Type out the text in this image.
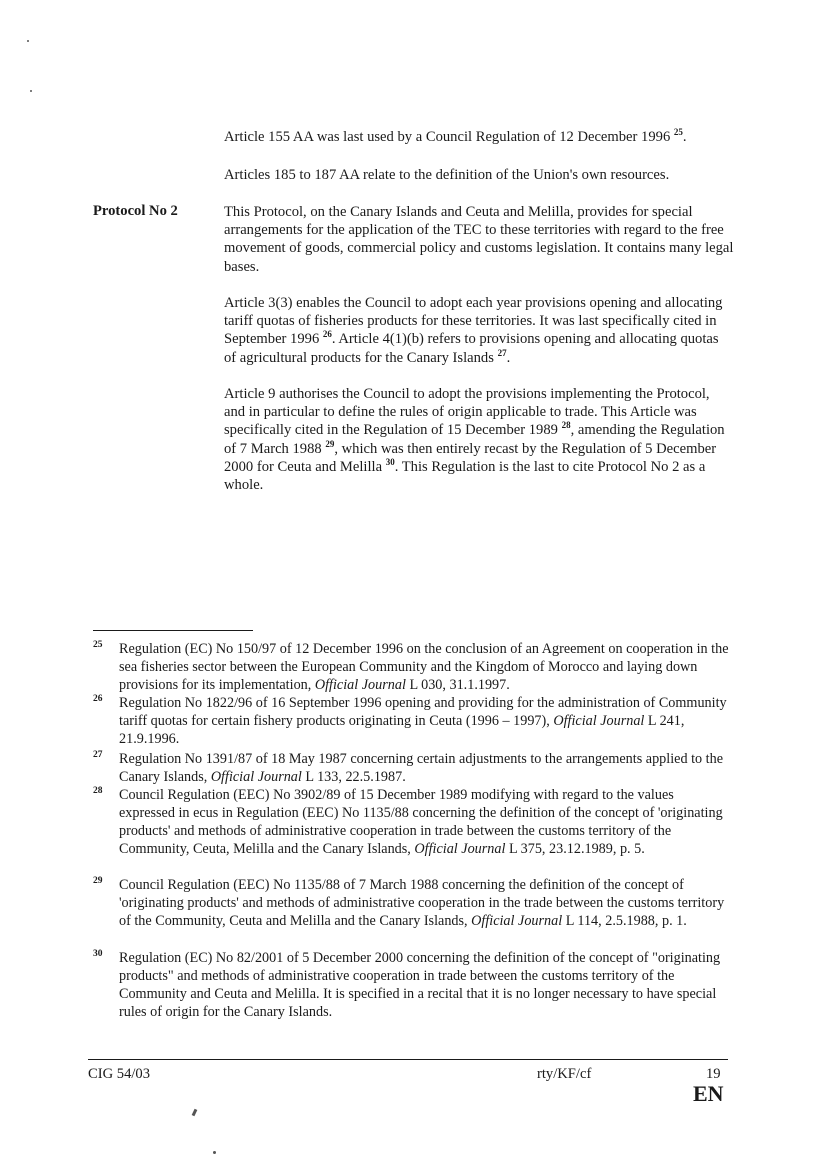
Article 155 AA was last used by a Council Regulation of 12 December 1996 $^{25}$.

Articles 185 to 187 AA relate to the definition of the Union's own resources.

Protocol No 2	This Protocol, on the Canary Islands and Ceuta and Melilla, provides for special arrangements for the application of the TEC to these territories with regard to the free movement of goods, commercial policy and customs legislation. It contains many legal bases.

Article 3(3) enables the Council to adopt each year provisions opening and allocating tariff quotas of fisheries products for these territories. It was last specifically cited in September 1996 $^{26}$. Article 4(1)(b) refers to provisions opening and allocating quotas of agricultural products for the Canary Islands $^{27}$.

Article 9 authorises the Council to adopt the provisions implementing the Protocol, and in particular to define the rules of origin applicable to trade. This Article was specifically cited in the Regulation of 15 December 1989 $^{28}$, amending the Regulation of 7 March 1988 $^{29}$, which was then entirely recast by the Regulation of 5 December 2000 for Ceuta and Melilla $^{30}$. This Regulation is the last to cite Protocol No 2 as a whole.

25 Regulation (EC) No 150/97 of 12 December 1996 on the conclusion of an Agreement on cooperation in the sea fisheries sector between the European Community and the Kingdom of Morocco and laying down provisions for its implementation, Official Journal L 030, 31.1.1997.
26 Regulation No 1822/96 of 16 September 1996 opening and providing for the administration of Community tariff quotas for certain fishery products originating in Ceuta (1996 – 1997), Official Journal L 241, 21.9.1996.
27 Regulation No 1391/87 of 18 May 1987 concerning certain adjustments to the arrangements applied to the Canary Islands, Official Journal L 133, 22.5.1987.
28 Council Regulation (EEC) No 3902/89 of 15 December 1989 modifying with regard to the values expressed in ecus in Regulation (EEC) No 1135/88 concerning the definition of the concept of 'originating products' and methods of administrative cooperation in trade between the customs territory of the Community, Ceuta, Melilla and the Canary Islands, Official Journal L 375, 23.12.1989, p. 5.
29 Council Regulation (EEC) No 1135/88 of 7 March 1988 concerning the definition of the concept of 'originating products' and methods of administrative cooperation in the trade between the customs territory of the Community, Ceuta and Melilla and the Canary Islands, Official Journal L 114, 2.5.1988, p. 1.
30 Regulation (EC) No 82/2001 of 5 December 2000 concerning the definition of the concept of "originating products" and methods of administrative cooperation in trade between the customs territory of the Community and Ceuta and Melilla. It is specified in a recital that it is no longer necessary to have special rules of origin for the Canary Islands.
CIG 54/03	rty/KF/cf	19
EN
